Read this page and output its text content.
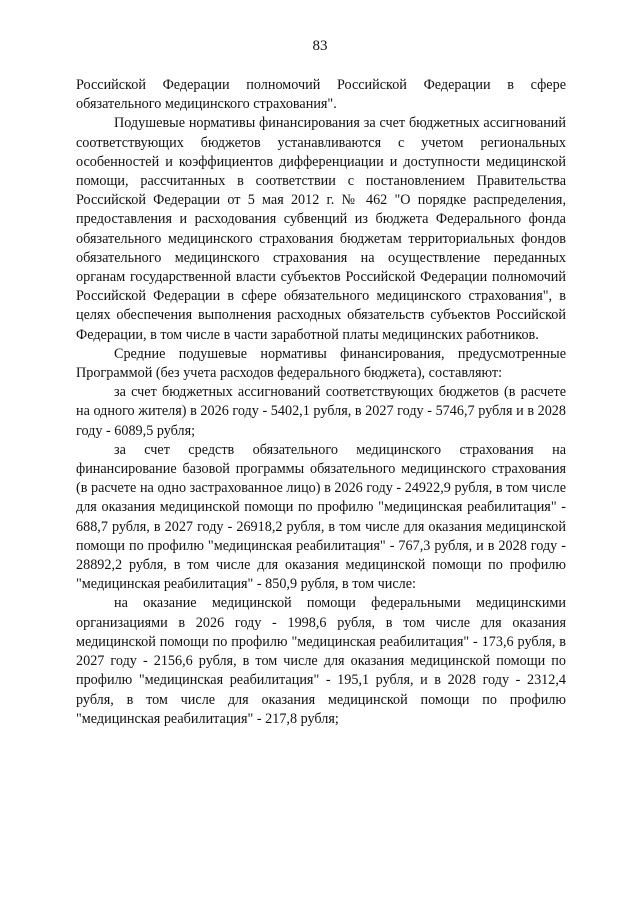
83

Российской Федерации полномочий Российской Федерации в сфере обязательного медицинского страхования".

Подушевые нормативы финансирования за счет бюджетных ассигнований соответствующих бюджетов устанавливаются с учетом региональных особенностей и коэффициентов дифференциации и доступности медицинской помощи, рассчитанных в соответствии с постановлением Правительства Российской Федерации от 5 мая 2012 г. № 462 "О порядке распределения, предоставления и расходования субвенций из бюджета Федерального фонда обязательного медицинского страхования бюджетам территориальных фондов обязательного медицинского страхования на осуществление переданных органам государственной власти субъектов Российской Федерации полномочий Российской Федерации в сфере обязательного медицинского страхования", в целях обеспечения выполнения расходных обязательств субъектов Российской Федерации, в том числе в части заработной платы медицинских работников.

Средние подушевые нормативы финансирования, предусмотренные Программой (без учета расходов федерального бюджета), составляют:

за счет бюджетных ассигнований соответствующих бюджетов (в расчете на одного жителя) в 2026 году - 5402,1 рубля, в 2027 году - 5746,7 рубля и в 2028 году - 6089,5 рубля;

за счет средств обязательного медицинского страхования на финансирование базовой программы обязательного медицинского страхования (в расчете на одно застрахованное лицо) в 2026 году - 24922,9 рубля, в том числе для оказания медицинской помощи по профилю "медицинская реабилитация" - 688,7 рубля, в 2027 году - 26918,2 рубля, в том числе для оказания медицинской помощи по профилю "медицинская реабилитация" - 767,3 рубля, и в 2028 году - 28892,2 рубля, в том числе для оказания медицинской помощи по профилю "медицинская реабилитация" - 850,9 рубля, в том числе:

на оказание медицинской помощи федеральными медицинскими организациями в 2026 году - 1998,6 рубля, в том числе для оказания медицинской помощи по профилю "медицинская реабилитация" - 173,6 рубля, в 2027 году - 2156,6 рубля, в том числе для оказания медицинской помощи по профилю "медицинская реабилитация" - 195,1 рубля, и в 2028 году - 2312,4 рубля, в том числе для оказания медицинской помощи по профилю "медицинская реабилитация" - 217,8 рубля;
